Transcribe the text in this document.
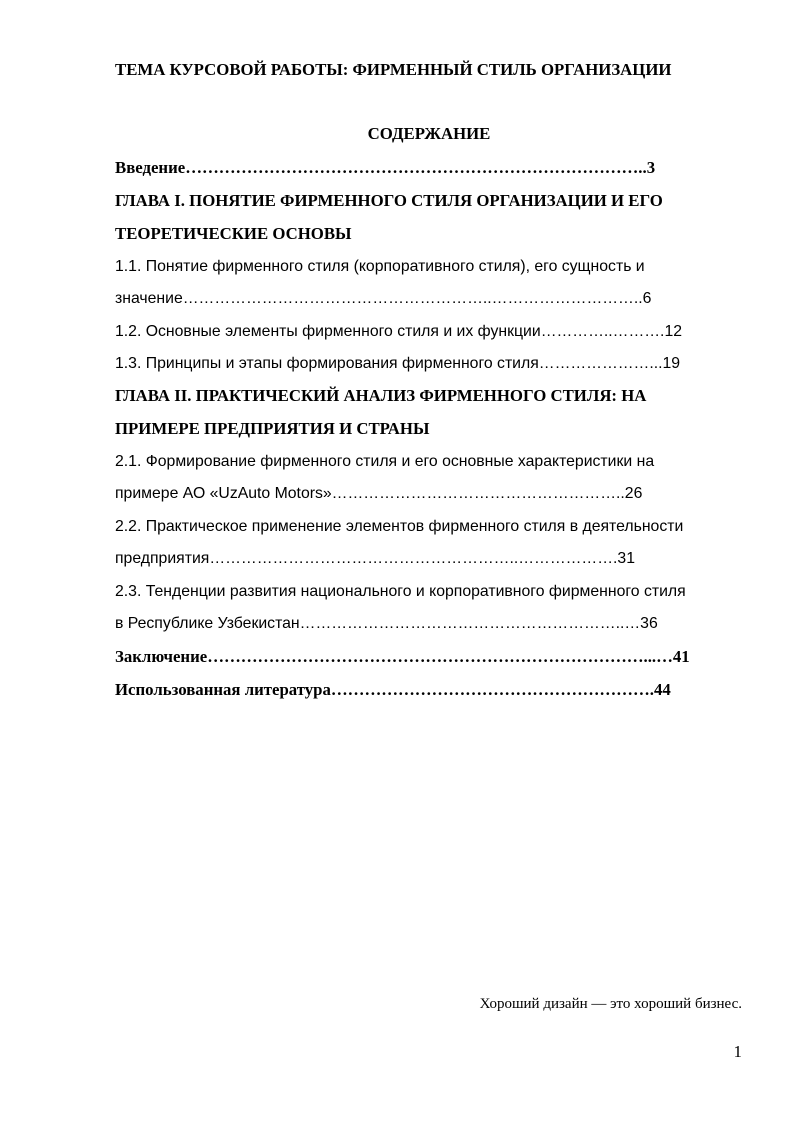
ТЕМА КУРСОВОЙ РАБОТЫ: ФИРМЕННЫЙ СТИЛЬ ОРГАНИЗАЦИИ
СОДЕРЖАНИЕ
Введение………………………………………………………………………..3
ГЛАВА I. ПОНЯТИЕ ФИРМЕННОГО СТИЛЯ ОРГАНИЗАЦИИ И ЕГО
ТЕОРЕТИЧЕСКИЕ ОСНОВЫ
1.1. Понятие фирменного стиля (корпоративного стиля), его сущность и
значение…………………………………………………..………………………..6
1.2. Основные элементы фирменного стиля и их функции…………..……….12
1.3. Принципы и этапы формирования фирменного стиля…………………...19
ГЛАВА II. ПРАКТИЧЕСКИЙ АНАЛИЗ ФИРМЕННОГО СТИЛЯ: НА
ПРИМЕРЕ ПРЕДПРИЯТИЯ И СТРАНЫ
2.1. Формирование фирменного стиля и его основные характеристики на
примере АО «UzAuto Motors»………………………………………………..26
2.2. Практическое применение элементов фирменного стиля в деятельности
предприятия…………………………………………………..……………….31
2.3. Тенденции развития национального и корпоративного фирменного стиля
в Республике Узбекистан……………………………………………………..…36
Заключение……………………………………………………………………...…41
Использованная литература………………………………………………….44
Хороший дизайн — это хороший бизнес.
1
